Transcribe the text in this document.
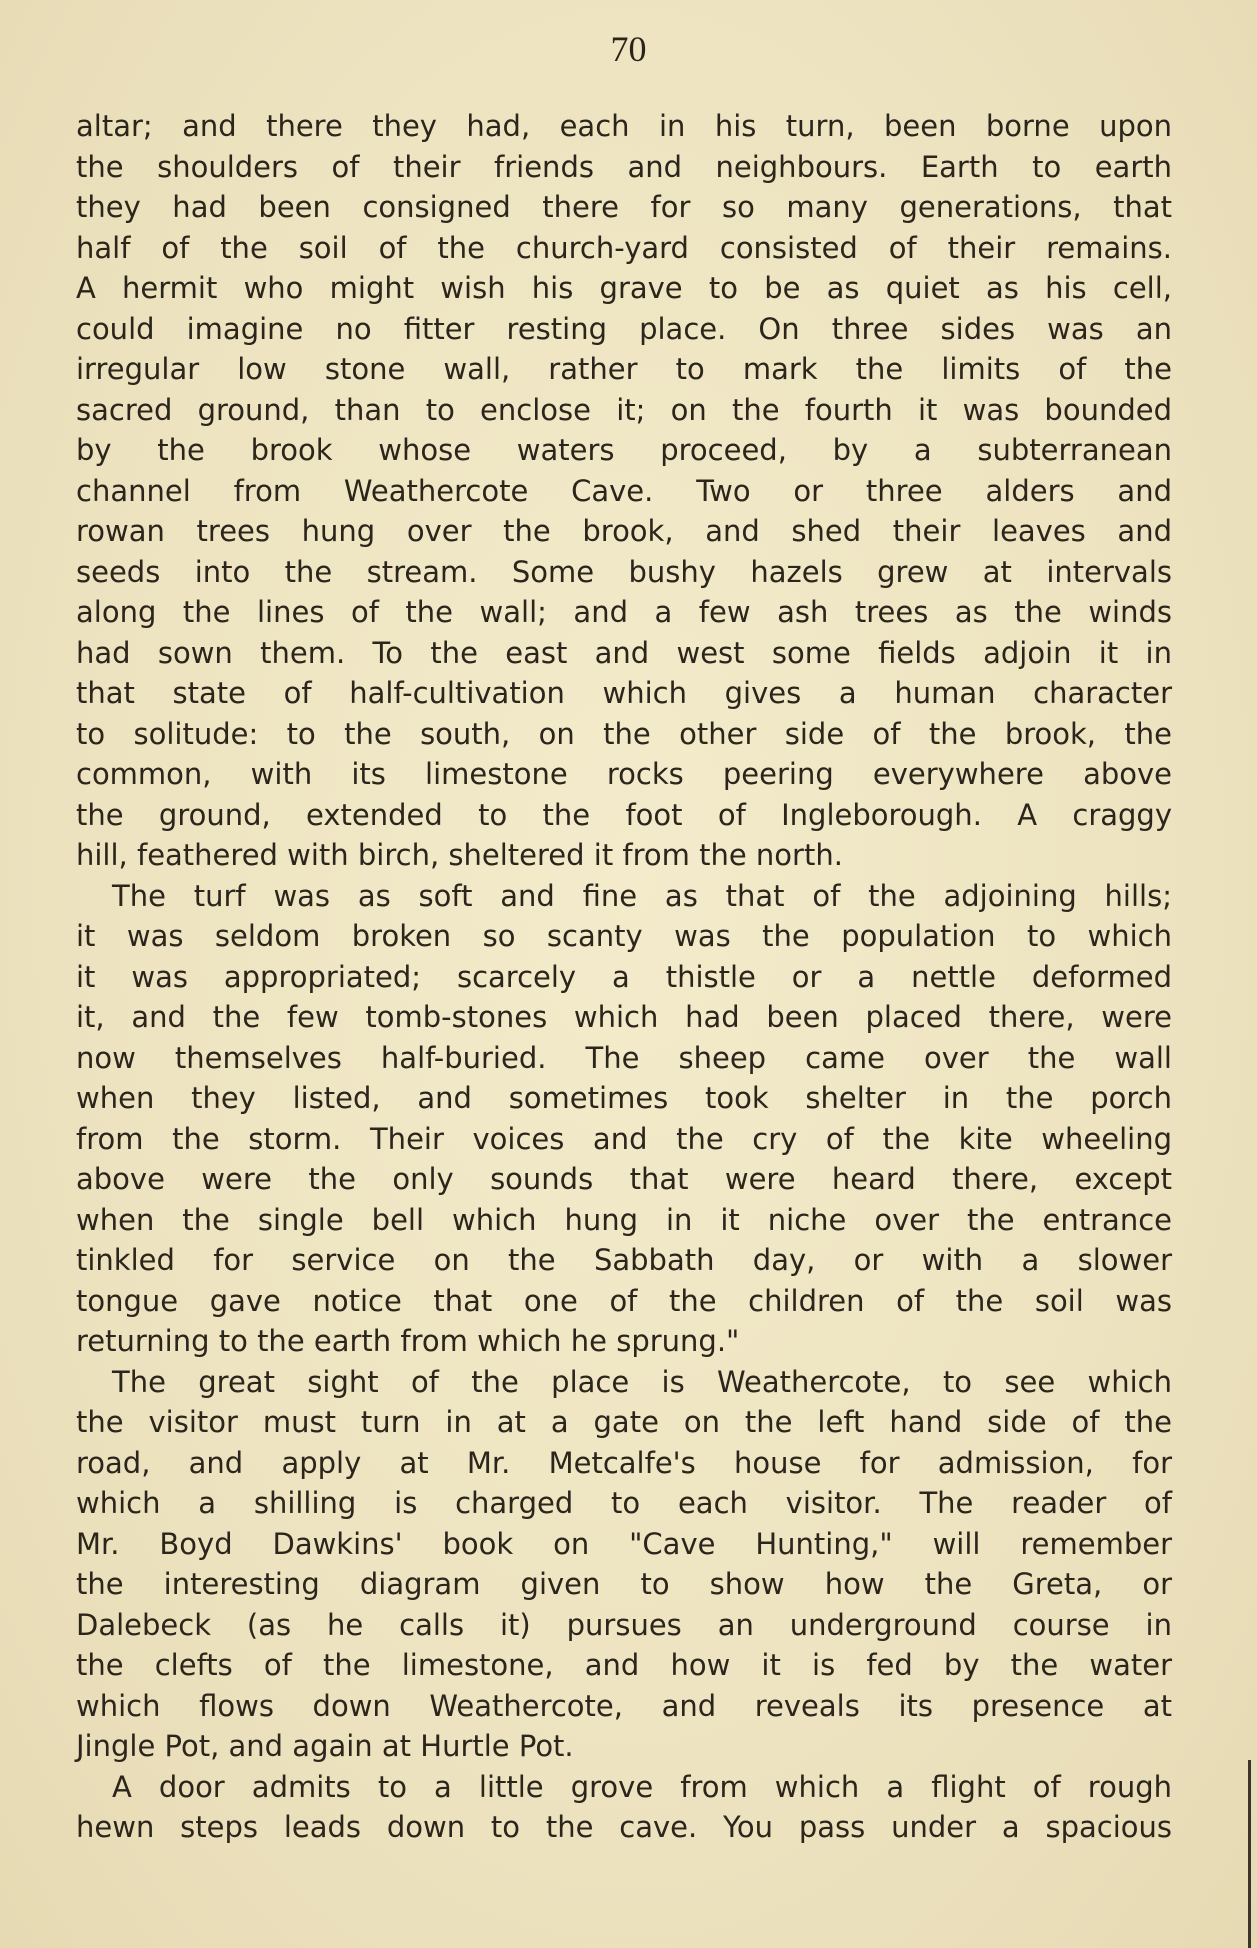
70
altar; and there they had, each in his turn, been borne upon
the shoulders of their friends and neighbours. Earth to earth
they had been consigned there for so many generations, that
half of the soil of the church-yard consisted of their remains.
A hermit who might wish his grave to be as quiet as his cell,
could imagine no fitter resting place. On three sides was an
irregular low stone wall, rather to mark the limits of the
sacred ground, than to enclose it; on the fourth it was bounded
by the brook whose waters proceed, by a subterranean
channel from Weathercote Cave. Two or three alders and
rowan trees hung over the brook, and shed their leaves and
seeds into the stream. Some bushy hazels grew at intervals
along the lines of the wall; and a few ash trees as the winds
had sown them. To the east and west some fields adjoin it in
that state of half-cultivation which gives a human character
to solitude: to the south, on the other side of the brook, the
common, with its limestone rocks peering everywhere above
the ground, extended to the foot of Ingleborough. A craggy
hill, feathered with birch, sheltered it from the north.
The turf was as soft and fine as that of the adjoining hills;
it was seldom broken so scanty was the population to which
it was appropriated; scarcely a thistle or a nettle deformed
it, and the few tomb-stones which had been placed there, were
now themselves half-buried. The sheep came over the wall
when they listed, and sometimes took shelter in the porch
from the storm. Their voices and the cry of the kite wheeling
above were the only sounds that were heard there, except
when the single bell which hung in it niche over the entrance
tinkled for service on the Sabbath day, or with a slower
tongue gave notice that one of the children of the soil was
returning to the earth from which he sprung."
The great sight of the place is Weathercote, to see which
the visitor must turn in at a gate on the left hand side of the
road, and apply at Mr. Metcalfe's house for admission, for
which a shilling is charged to each visitor. The reader of
Mr. Boyd Dawkins' book on "Cave Hunting," will remember
the interesting diagram given to show how the Greta, or
Dalebeck (as he calls it) pursues an underground course in
the clefts of the limestone, and how it is fed by the water
which flows down Weathercote, and reveals its presence at
Jingle Pot, and again at Hurtle Pot.
A door admits to a little grove from which a flight of rough
hewn steps leads down to the cave. You pass under a spacious
